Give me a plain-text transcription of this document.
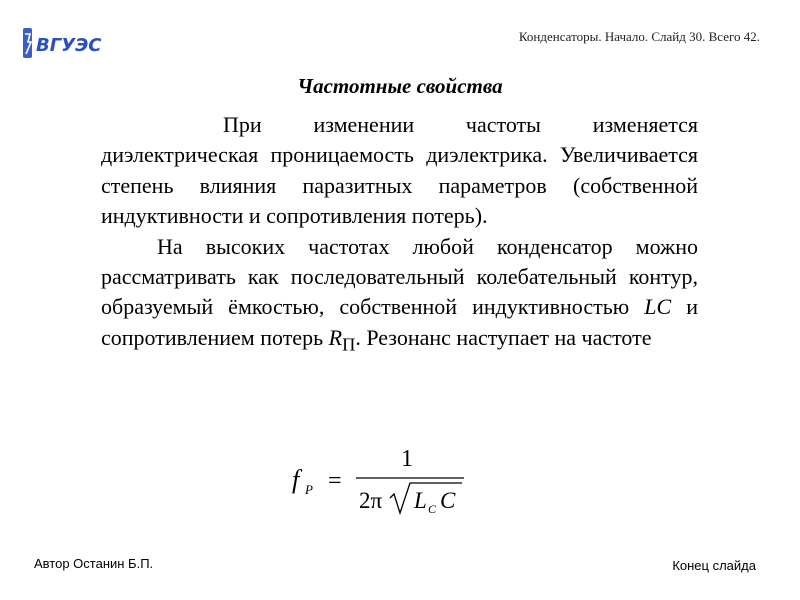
ВГУЭС	Конденсаторы. Начало. Слайд 30. Всего 42.
Частотные свойства

При изменении частоты изменяется диэлектрическая проницаемость диэлектрика. Увеличивается степень влияния паразитных параметров (собственной индуктивности и сопротивления потерь).

На высоких частотах любой конденсатор можно рассматривать как последовательный колебательный контур, образуемый ёмкостью, собственной индуктивностью LC и сопротивлением потерь $R_П$. Резонанс наступает на частоте

f P =
1
2π L C C
Автор Останин Б.П.	Конец слайда
